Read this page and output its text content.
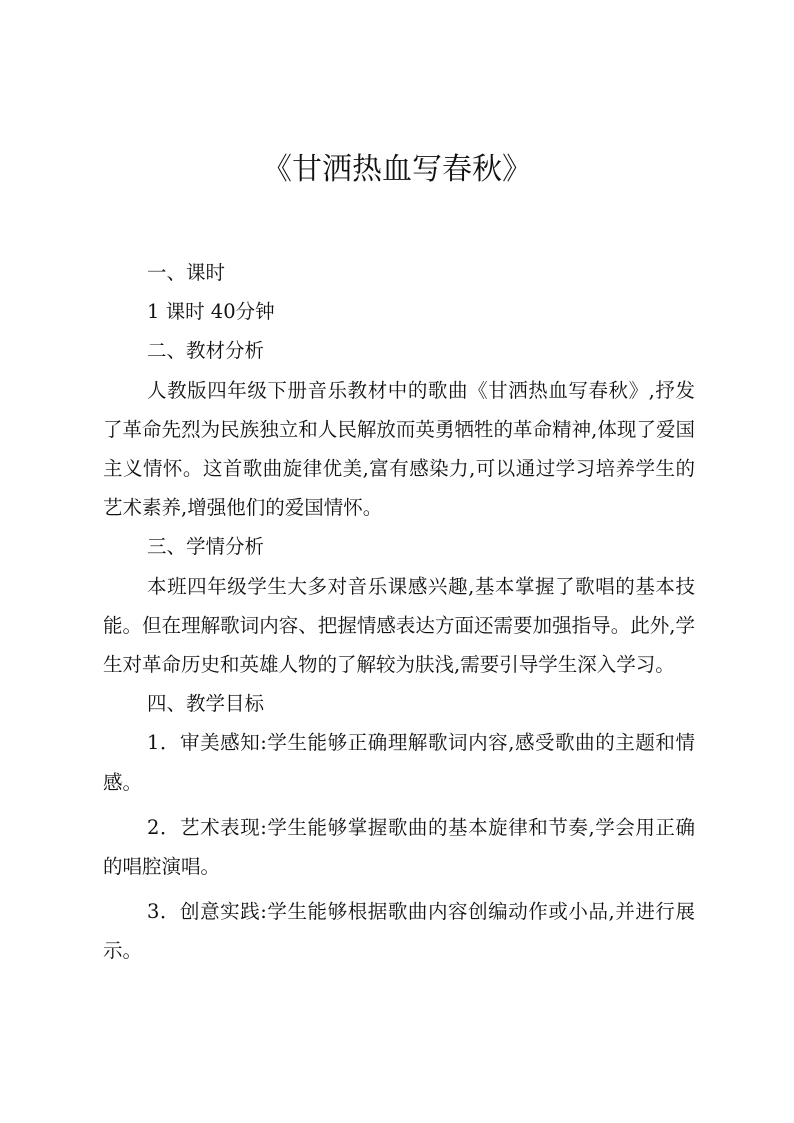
《甘洒热血写春秋》

一、课时

1 课时 40分钟

二、教材分析

人教版四年级下册音乐教材中的歌曲《甘洒热血写春秋》,抒发了革命先烈为民族独立和人民解放而英勇牺牲的革命精神,体现了爱国主义情怀。这首歌曲旋律优美,富有感染力,可以通过学习培养学生的艺术素养,增强他们的爱国情怀。

三、学情分析

本班四年级学生大多对音乐课感兴趣,基本掌握了歌唱的基本技能。但在理解歌词内容、把握情感表达方面还需要加强指导。此外,学生对革命历史和英雄人物的了解较为肤浅,需要引导学生深入学习。

四、教学目标

1．审美感知:学生能够正确理解歌词内容,感受歌曲的主题和情感。

2．艺术表现:学生能够掌握歌曲的基本旋律和节奏,学会用正确的唱腔演唱。

3．创意实践:学生能够根据歌曲内容创编动作或小品,并进行展示。
